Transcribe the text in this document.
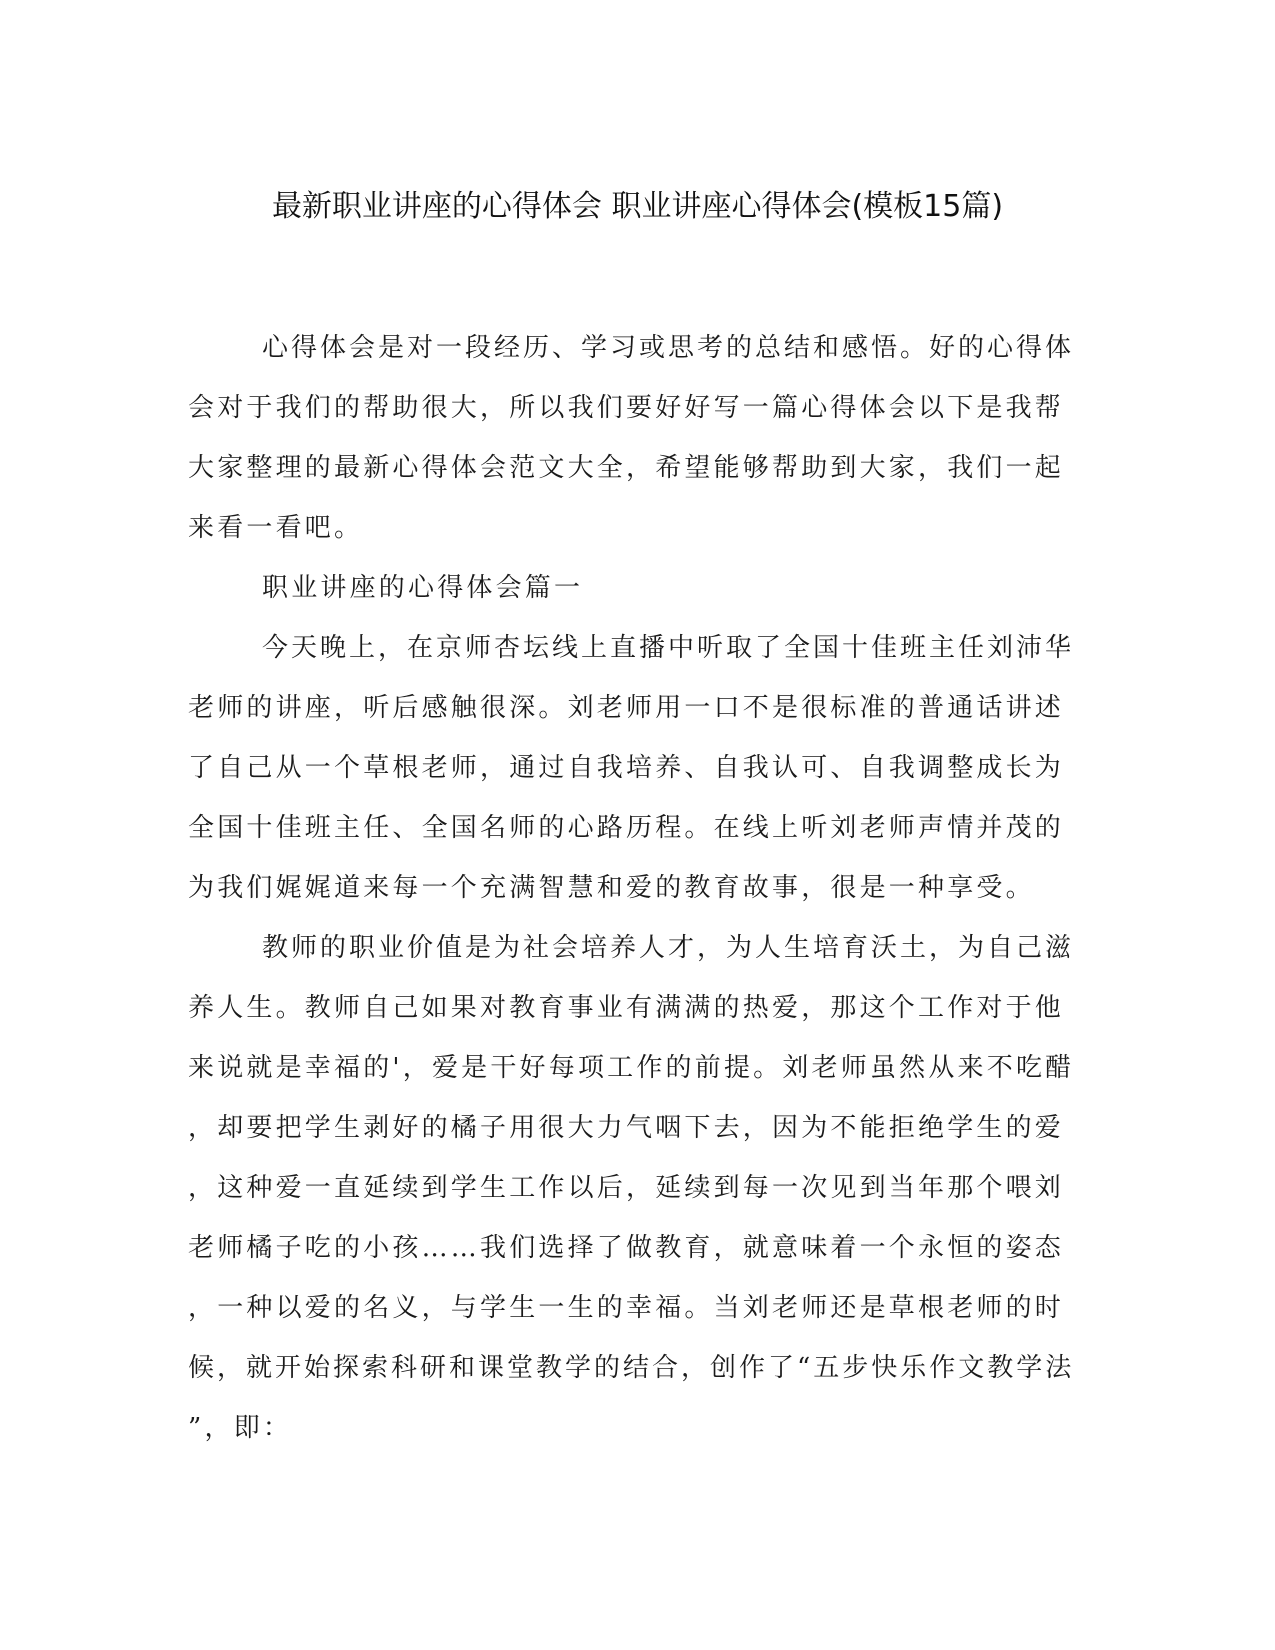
最新职业讲座的心得体会 职业讲座心得体会(模板15篇)
心得体会是对一段经历、学习或思考的总结和感悟。好的心得体
会对于我们的帮助很大，所以我们要好好写一篇心得体会以下是我帮
大家整理的最新心得体会范文大全，希望能够帮助到大家，我们一起
来看一看吧。
职业讲座的心得体会篇一
今天晚上，在京师杏坛线上直播中听取了全国十佳班主任刘沛华
老师的讲座，听后感触很深。刘老师用一口不是很标准的普通话讲述
了自己从一个草根老师，通过自我培养、自我认可、自我调整成长为
全国十佳班主任、全国名师的心路历程。在线上听刘老师声情并茂的
为我们娓娓道来每一个充满智慧和爱的教育故事，很是一种享受。
教师的职业价值是为社会培养人才，为人生培育沃土，为自己滋
养人生。教师自己如果对教育事业有满满的热爱，那这个工作对于他
来说就是幸福的'，爱是干好每项工作的前提。刘老师虽然从来不吃醋
，却要把学生剥好的橘子用很大力气咽下去，因为不能拒绝学生的爱
，这种爱一直延续到学生工作以后，延续到每一次见到当年那个喂刘
老师橘子吃的小孩……我们选择了做教育，就意味着一个永恒的姿态
，一种以爱的名义，与学生一生的幸福。当刘老师还是草根老师的时
候，就开始探索科研和课堂教学的结合，创作了“五步快乐作文教学法
”，即：
